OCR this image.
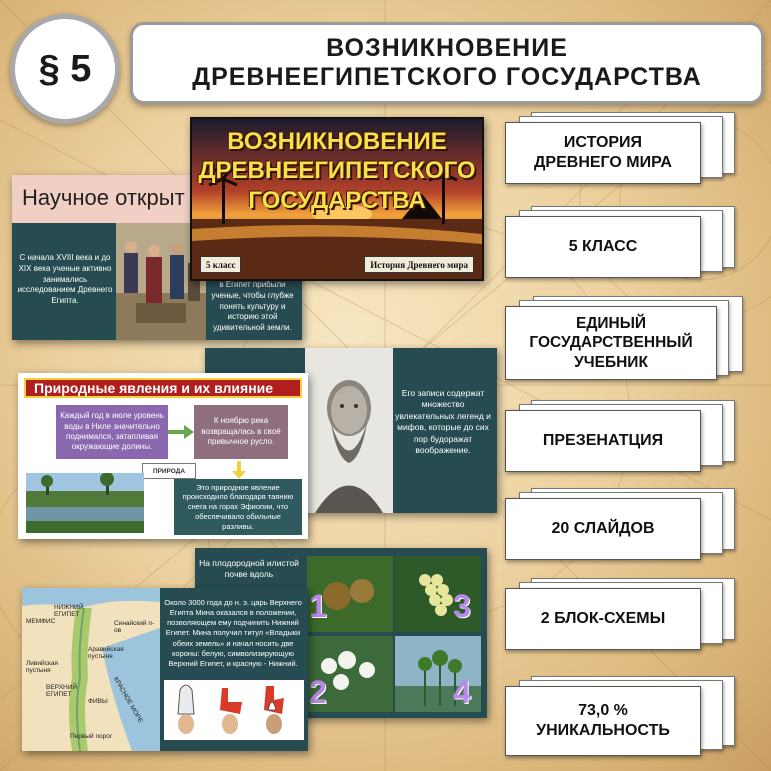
§ 5	ВОЗНИКНОВЕНИЕ
ДРЕВНЕЕГИПЕТСКОГО ГОСУДАРСТВА
Научное открыт
С начала XVIII века и до XIX века ученые активно занимались исследованием Древнего Египта.
в Египет прибыли ученые, чтобы глубже понять культуру и историю этой удивительной земли.
ВОЗНИКНОВЕНИЕ
ДРЕВНЕЕГИПЕТСКОГО
ГОСУДАРСТВА
5 класс	История Древнего мира
Его записи содержат множество увлекательных легенд и мифов, которые до сих пор будоражат воображение.
Природные явления и их влияние
Каждый год в июле уровень воды в Ниле значительно поднимался, затапливая окружающие долины.
К ноябрю река возвращалась в своё привычное русло.
ПРИРОДА
Это природное явление происходило благодаря таянию снега на горах Эфиопии, что обеспечивало обильные разливы.
На плодородной илистой почве вдоль
1	3
2	4
НИЖНИЙ ЕГИПЕТ
МЕМФИС	Синайский п-ов
Аравийская пустыня
Ливийская пустыня
ВЕРХНИЙ ЕГИПЕТ
ФИВЫ КРАСНОЕ МОРЕ
Первый порог
Около 3000 года до н. э. царь Верхнего Египта Мина оказался в положении, позволяющем ему подчинить Нижний Египет. Мина получил титул «Владыки обеих земель» и начал носить две короны: белую, символизирующую Верхний Египет, и красную - Нижний.
ИСТОРИЯ
ДРЕВНЕГО МИРА
5 КЛАСС
ЕДИНЫЙ
ГОСУДАРСТВЕННЫЙ
УЧЕБНИК
ПРЕЗЕНАТЦИЯ
20 СЛАЙДОВ
2 БЛОК-СХЕМЫ
73,0 %
УНИКАЛЬНОСТЬ
